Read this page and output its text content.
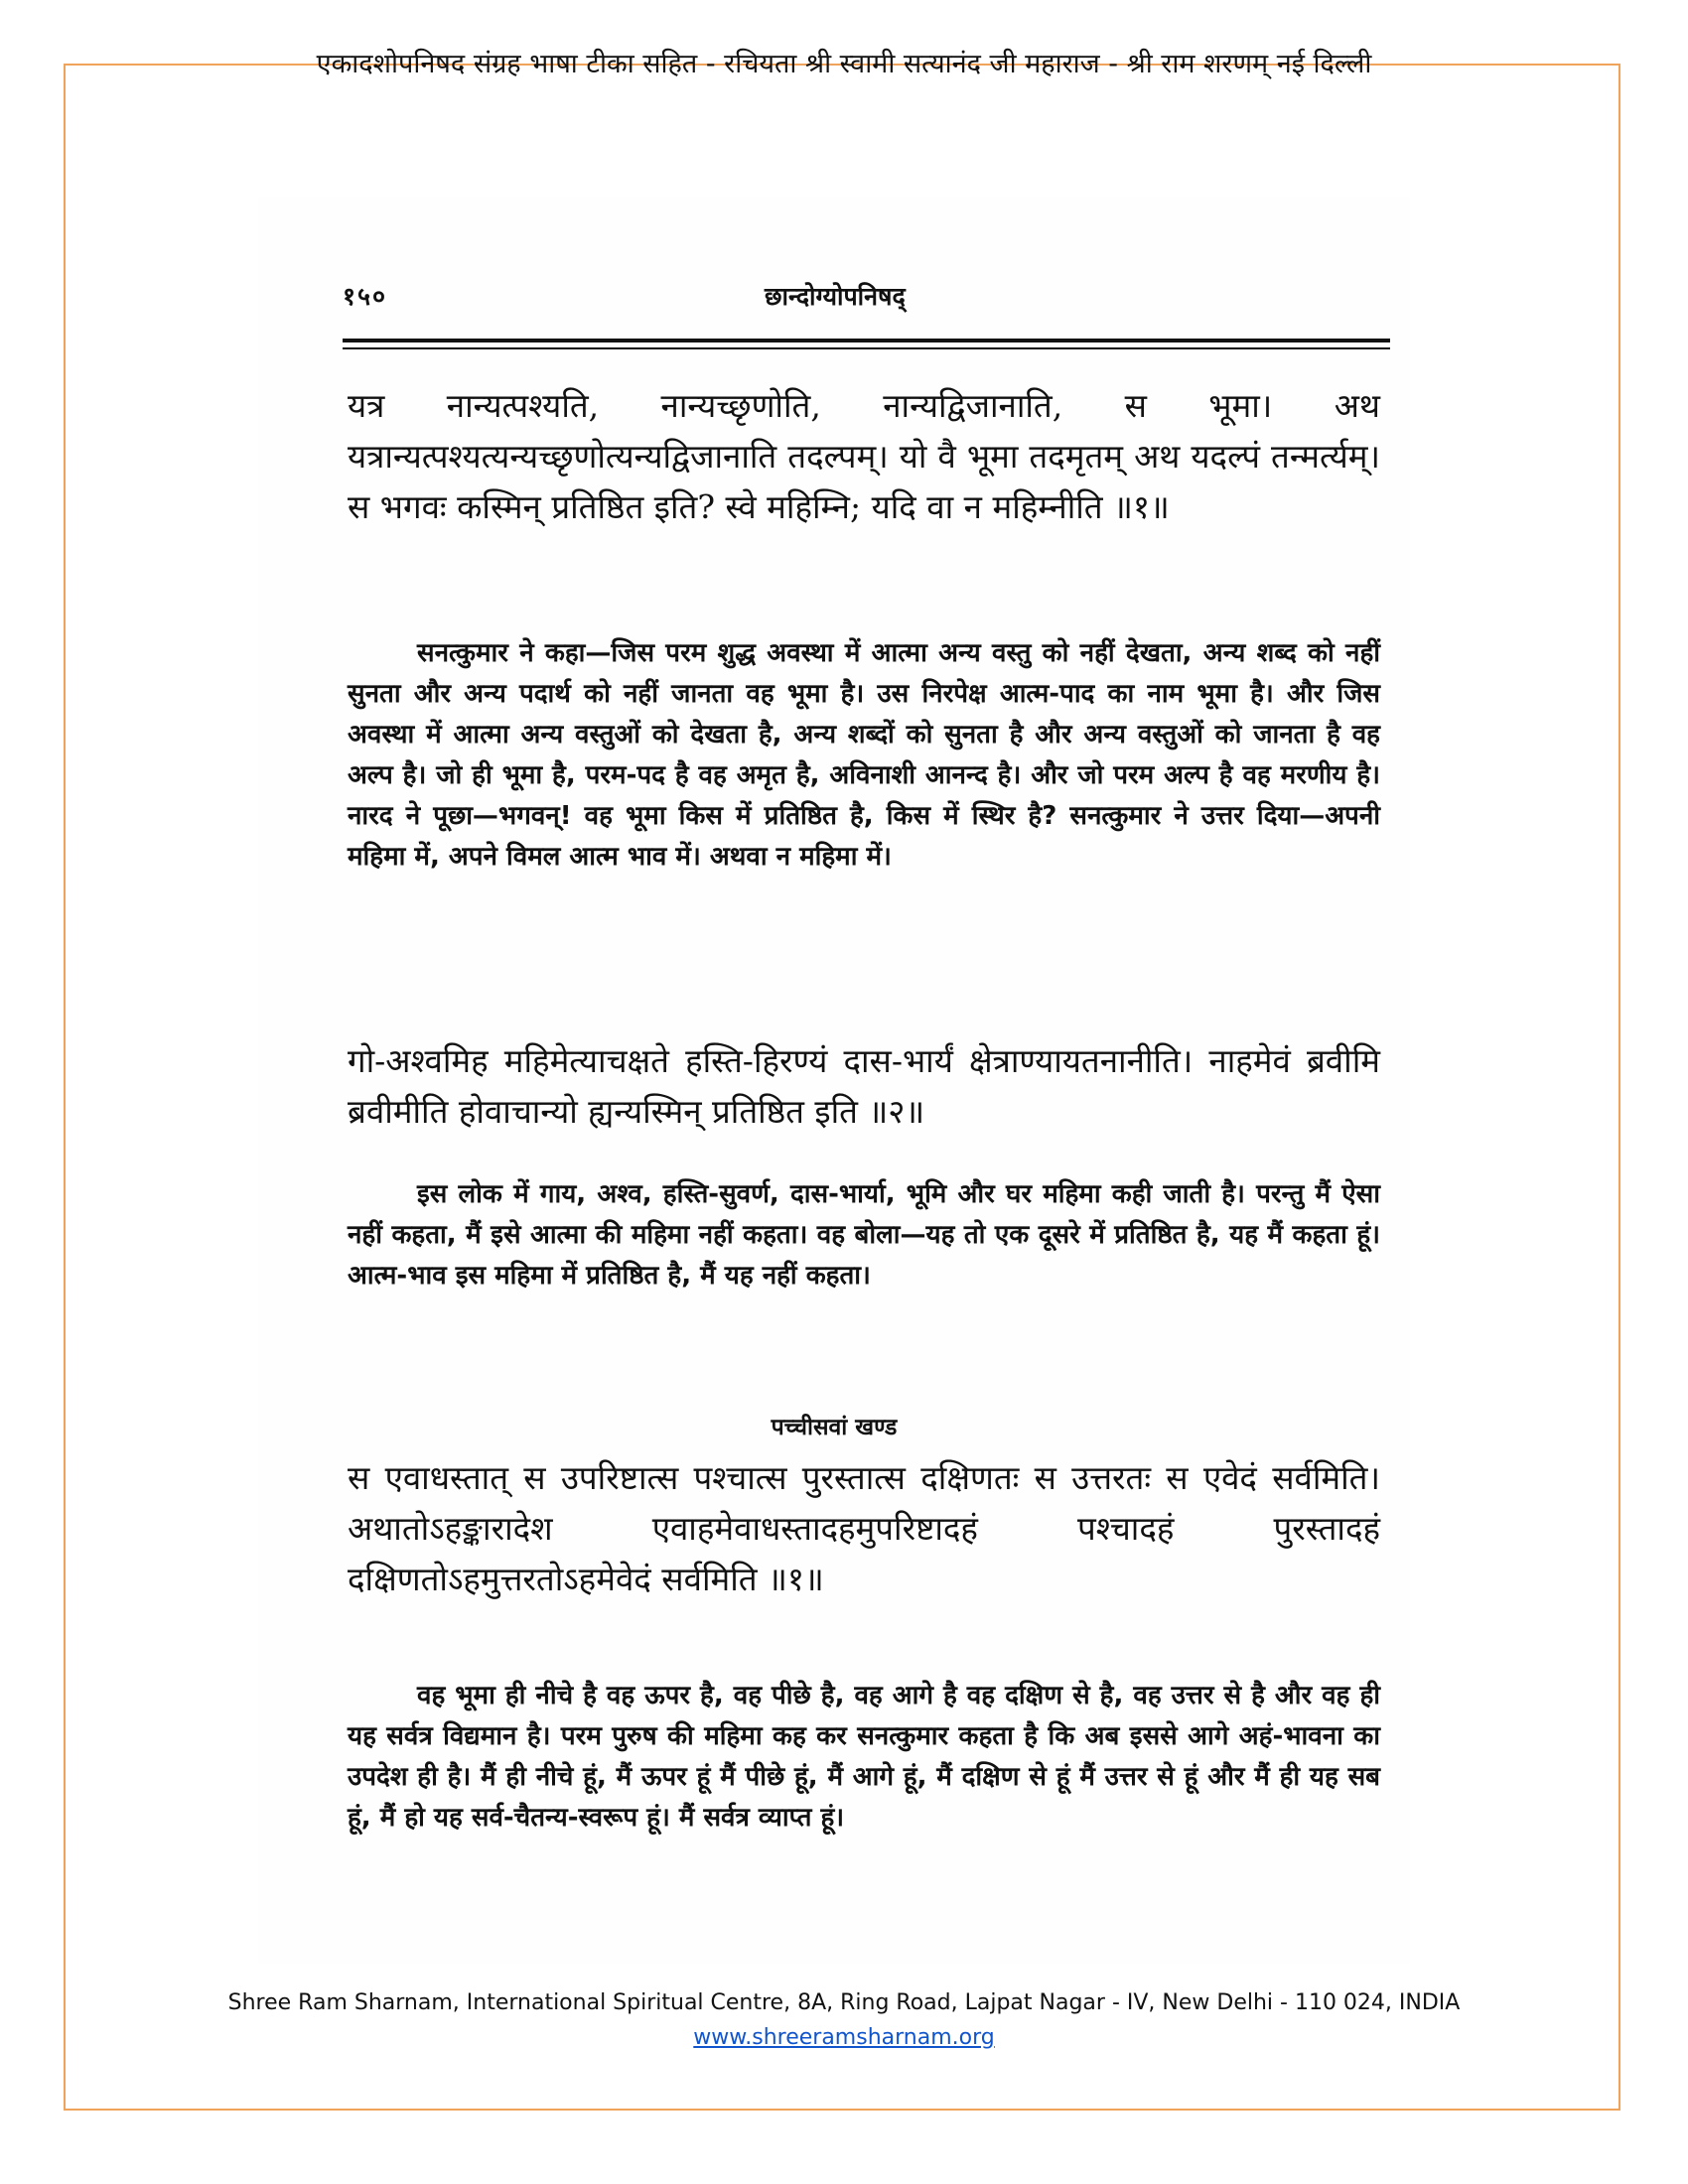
एकादशोपनिषद संग्रह भाषा टीका सहित - रचियता श्री स्वामी सत्यानंद जी महाराज - श्री राम शरणम् नई दिल्ली
१५०	छान्दोग्योपनिषद्
यत्र नान्यत्पश्यति, नान्यच्छृणोति, नान्यद्विजानाति, स भूमा। अथ यत्रान्यत्पश्यत्यन्यच्छृणोत्यन्यद्विजानाति तदल्पम्। यो वै भूमा तदमृतम् अथ यदल्पं तन्मर्त्यम्। स भगवः कस्मिन् प्रतिष्ठित इति? स्वे महिम्नि; यदि वा न महिम्नीति ॥१॥
सनत्कुमार ने कहा—जिस परम शुद्ध अवस्था में आत्मा अन्य वस्तु को नहीं देखता, अन्य शब्द को नहीं सुनता और अन्य पदार्थ को नहीं जानता वह भूमा है। उस निरपेक्ष आत्म-पाद का नाम भूमा है। और जिस अवस्था में आत्मा अन्य वस्तुओं को देखता है, अन्य शब्दों को सुनता है और अन्य वस्तुओं को जानता है वह अल्प है। जो ही भूमा है, परम-पद है वह अमृत है, अविनाशी आनन्द है। और जो परम अल्प है वह मरणीय है। नारद ने पूछा—भगवन्! वह भूमा किस में प्रतिष्ठित है, किस में स्थिर है? सनत्कुमार ने उत्तर दिया—अपनी महिमा में, अपने विमल आत्म भाव में। अथवा न महिमा में।
गो-अश्वमिह महिमेत्याचक्षते हस्ति-हिरण्यं दास-भार्यं क्षेत्राण्यायतनानीति। नाहमेवं ब्रवीमि ब्रवीमीति होवाचान्यो ह्यन्यस्मिन् प्रतिष्ठित इति ॥२॥
इस लोक में गाय, अश्व, हस्ति-सुवर्ण, दास-भार्या, भूमि और घर महिमा कही जाती है। परन्तु मैं ऐसा नहीं कहता, मैं इसे आत्मा की महिमा नहीं कहता। वह बोला—यह तो एक दूसरे में प्रतिष्ठित है, यह मैं कहता हूं। आत्म-भाव इस महिमा में प्रतिष्ठित है, मैं यह नहीं कहता।
पच्चीसवां खण्ड
स एवाधस्तात् स उपरिष्टात्स पश्चात्स पुरस्तात्स दक्षिणतः स उत्तरतः स एवेदं सर्वमिति। अथातोऽहङ्कारादेश एवाहमेवाधस्तादहमुपरिष्टादहं पश्चादहं पुरस्तादहं दक्षिणतोऽहमुत्तरतोऽहमेवेदं सर्वमिति ॥१॥
वह भूमा ही नीचे है वह ऊपर है, वह पीछे है, वह आगे है वह दक्षिण से है, वह उत्तर से है और वह ही यह सर्वत्र विद्यमान है। परम पुरुष की महिमा कह कर सनत्कुमार कहता है कि अब इससे आगे अहं-भावना का उपदेश ही है। मैं ही नीचे हूं, मैं ऊपर हूं मैं पीछे हूं, मैं आगे हूं, मैं दक्षिण से हूं मैं उत्तर से हूं और मैं ही यह सब हूं, मैं हो यह सर्व-चैतन्य-स्वरूप हूं। मैं सर्वत्र व्याप्त हूं।
Shree Ram Sharnam, International Spiritual Centre, 8A, Ring Road, Lajpat Nagar - IV, New Delhi - 110 024, INDIA
www.shreeramsharnam.org
